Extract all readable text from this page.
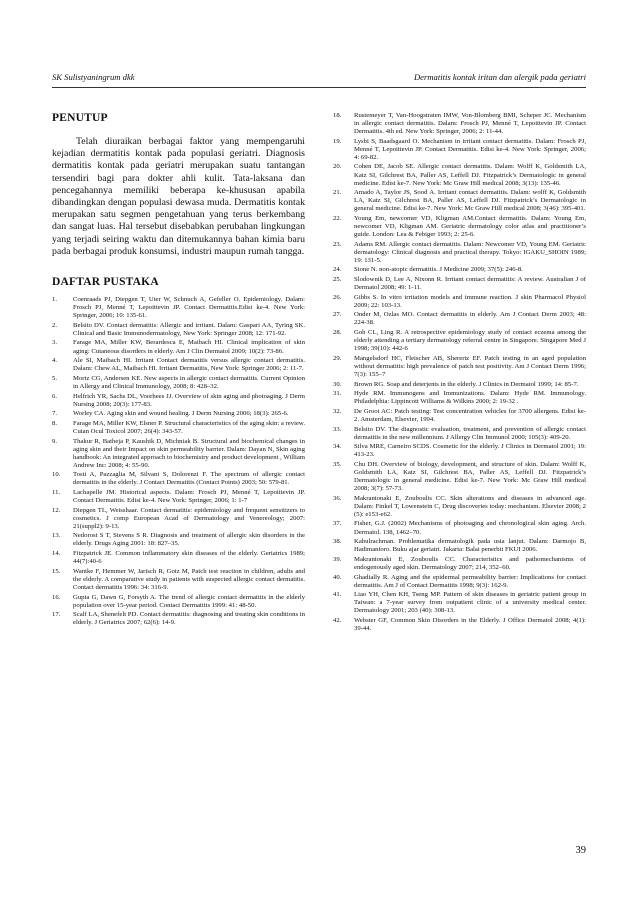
SK Sulistyaningrum dkk	Dermatitis kontak iritan dan alergik pada geriatri
PENUTUP

Telah diuraikan berbagai faktor yang mempengaruhi kejadian dermatitis kontak pada populasi geriatri. Diagnosis dermatitis kontak pada geriatri merupakan suatu tantangan tersendiri bagi para dokter ahli kulit. Tata-laksana dan pencegahannya memiliki beberapa ke-khususan apabila dibandingkan dengan populasi dewasa muda. Dermatitis kontak merupakan satu segmen pengetahuan yang terus berkembang dan sangat luas. Hal tersebut disebabkan perubahan lingkungan yang terjadi seiring waktu dan ditemukannya bahan kimia baru pada berbagai produk konsumsi, industri maupun rumah tangga.

DAFTAR PUSTAKA
1. Coenraads PJ, Diepgen T, Uter W, Schnuch A, Gefeller O. Epidemiology. Dalam: Frosch PJ, Menné T, Lepoittevin JP. Contact Dermatitis.Edisi ke-4. New York: Springer, 2006; 10: 135-61.
2. Belsito DV. Contact dermatitis: Allergic and irritant. Dalam: Gaspari AA, Tyring SK. Clinical and Basic Immunodermatology, New York: Springer 2008; 12: 171-92.
3. Farage MA, Miller KW, Berardesca E, Maibach HI. Clinical implication of skin aging: Cutaneous disorders in elderly. Am J Clin Dermatol 2009; 10(2): 73-86.
4. Ale SI, Maibach HI. Irritant Contact dermatitis versus allergic contact dermatitis. Dalam: Chew AL, Maibach HI. Irritant Dermatitis, New York: Springer 2006; 2: 11-7.
5. Mortz CG, Andersen KE. New aspects in allergic contact dermatitis. Current Opinion in Allergy and Clinical Immunology, 2008; 8: 428–32.
6. Helfrich YR, Sachs DL, Voorhees JJ. Overview of skin aging and photoaging. J Derm Nursing 2008; 20(3): 177-83.
7. Worley CA. Aging skin and wound healing. J Derm Nursing 2006; 18(3): 265-6.
8. Farage MA, Miller KW, Elsner P. Structural characteristics of the aging skin: a review. Cutan Ocul Toxicol 2007; 26(4): 343-57.
9. Thakur R, Batheja P, Kaushik D, Michniak B. Structural and biochemical changes in aging skin and their Impact on skin permeability barrier. Dalam: Dayan N, Skin aging handbook: An integrated approach to biochemistry and product development , William Andrew Inc: 2008; 4: 55-90.
10. Tosti A, Pazzaglia M, Silvani S, Dolorenzi F. The spectrum of allergic contact dermatitis in the elderly. J Contact Dermatitis (Contact Points) 2003; 50: 579-81.
11. Lachapelle JM. Historical aspects. Dalam: Frosch PJ, Menné T, Lepoittevin JP. Contact Dermatitis. Edisi ke-4. New York: Springer, 2006; 1: 1-7
12. Diepgen TL, Weisshaar. Contact dermatitis: epidemiology and frequent sensitizers to cosmetics. J comp European Acad of Dermatology and Venereology; 2007: 21(suppl2): 9-13.
13. Nedorost S T, Stevens S R. Diagnosis and treatment of allergic skin disorders in the elderly. Drugs Aging 2001: 18: 827–35.
14. Fitzpatrick JE. Common inflammatory skin diseases of the elderly. Geriatrics 1989; 44(7):40-6
15. Wantke F, Hemmer W, Jarisch R, Gotz M, Patch test reaction in children, adults and the elderly. A comparative study in patients with suspected allergic contact dermatitis. Contact dermatitis 1996: 34: 316-9.
16. Gupta G, Dawn G, Forsyth A. The trend of allergic contact dermatitis in the elderly population over 15-year period. Contact Dermatitis 1999: 41: 48-50.
17. Scalf LA, Shenefelt PD. Contact dermatitis: diagnosing and treating skin conditions in elderly. J Geriatrics 2007; 62(6): 14-9.
18. Rustemeyer T, Van-Hoogstraten IMW, Von-Blomberg BMI, Scheper JC. Mechanism in allergic contact dermatitis. Dalam: Frosch PJ, Menné T, Lepoittevin JP. Contact Dermatitis. 4th ed. New York: Springer, 2006; 2: 11-44.
19. Lysbi S, Baadsgaard O. Mechanism in irritant contact dermatitis. Dalam: Frosch PJ, Menné T, Lepoittevin JP. Contact Dermatitis. Edisi ke-4. New York: Springer, 2006; 4: 69-82.
20. Cohen DE, Jacob SE. Allergic contact dermatitis. Dalam: Wolff K, Goldsmith LA, Katz SI, Gilchrest BA, Paller AS, Leffell DJ. Fitzpatrick’s Dermatologic in general medicine. Edisi ke-7. New York: Mc Graw Hill medical 2008; 3(13): 135-46.
21. Amado A, Taylor JS, Sood A. Irritant contact dermatitis. Dalam: wolff K, Goldsmith LA, Katz SI, Gilchrest BA, Paller AS, Leffell DJ. Fitzpatrick’s Dermatologic in general medicine. Edisi ke-7. New York: Mc Graw Hill medical 2008; 3(46): 395-401.
22. Young Em, newcomer VD, Kligman AM.Contact dermatitis. Dalam: Young Em, newcomer VD, Kligman AM. Geriatric dermatology color atlas and practitioner’s guide. London: Lea & Febiger 1993; 2: 25-6.
23. Adams RM. Allergic contact dermatitis. Dalam: Newcomer VD, Young EM. Geriatric dermatology: Clinical diagnosis and practical therapy. Tokyo: IGAKU_SHOIN 1989; 19: 131-5.
24. Stone N. non-atopic dermatitis. J Medicine 2009; 37(5): 246-8.
25. Slodownik D, Lee A, Nixonn R. Irritant contact dermatitis: A review. Australian J of Dermatol 2008; 49: 1-11.
26. Gibbs S. In vitro irritation models and immune reaction. J skin Pharmacol Physiol 2009; 22: 103-13.
27. Onder M, Ozlas MO. Contact dermatitis in elderly. Am J Contact Derm 2003; 48: 224-38.
28. Goh CL, Ling R. A retrospective epidemiology study of contact eczema among the elderly attending a tertiary dermatology referral centre in Singapore. Singapore Med J 1998; 39(10): 442-6
29. Mangelsdorf HC, Fleischer AB, Sherertz EF. Patch testing in an aged population without dermatitis: high prevalence of patch test positivity. Am J Contact Derm 1996; 7(3): 155–7
30. Brown RG. Soap and deterjents in the elderly. J Clinics in Dermatol 1999; 14: 85-7.
31. Hyde RM. Immunogens and Immunizations. Dalam: Hyde RM. Immunology. Philadelphia: Lippincott Williams & Wilkins 2000; 2: 19-32 .
32. De Groot AC: Patch testing: Test concentration vehicles for 3700 allergens. Edisi ke-2. Amsterdam, Elsevier, 1994.
33. Belsito DV. The diagnostic evaluation, treatment, and prevention of allergic contact dermatitis in the new millennium. J Allergy Clin Immunol 2000; 105(3): 409-20.
34. Silva MRE, Carneiro SCDS. Cosmetic for the elderly. J Clinics in Dermatol 2001; 19: 413-23.
35. Chu DH. Overview of biology, development, and structure of skin. Dalam: Wolff K, Goldsmith LA, Katz SI, Gilchrest BA, Paller AS, Leffell DJ. Fitzpatrick’s Dermatologic in general medicine. Edisi ke-7. New York: Mc Graw Hill medical 2008; 3(7): 57-73.
36. Makrantonaki E, Zouboulis CC. Skin alterations and diseases in advanced age. Dalam: Finkel T, Lowenstein C, Drug discoveries today: mechanism. Elsevier 2008; 2 (5): e153-e62.
37. Fisher, G.J. (2002) Mechanisms of photoaging and chronological skin aging. Arch. Dermatol. 138, 1462–70.
38. Kabulrachman. Problematika dermatologik pada usia lanjut. Dalam: Darmojo B, Hadimantoro. Buku ajar geriatri. Jakarta: Balai penerbit FKUI 2006.
39. Makrantonaki E, Zouboulis CC. Characteristics and pathomechanisms of endogenously aged skin. Dermatology 2007; 214, 352–60.
40. Ghadially R. Aging and the epidermal permeability barrier: Implications for contact dermatitis. Am J of Contact Dermatitis 1998; 9(3): 162-9.
41. Liao YH, Chen KH, Tseng MP. Pattern of skin diseases in geriatric patient group in Taiwan: a 7-year survey from outpatient clinic of a university medical center. Dermatology 2001; 203 (40): 308-13.
42. Webster GF, Common Skin Disorders in the Elderly. J Office Dermatol 2008; 4(1): 39-44.
39
